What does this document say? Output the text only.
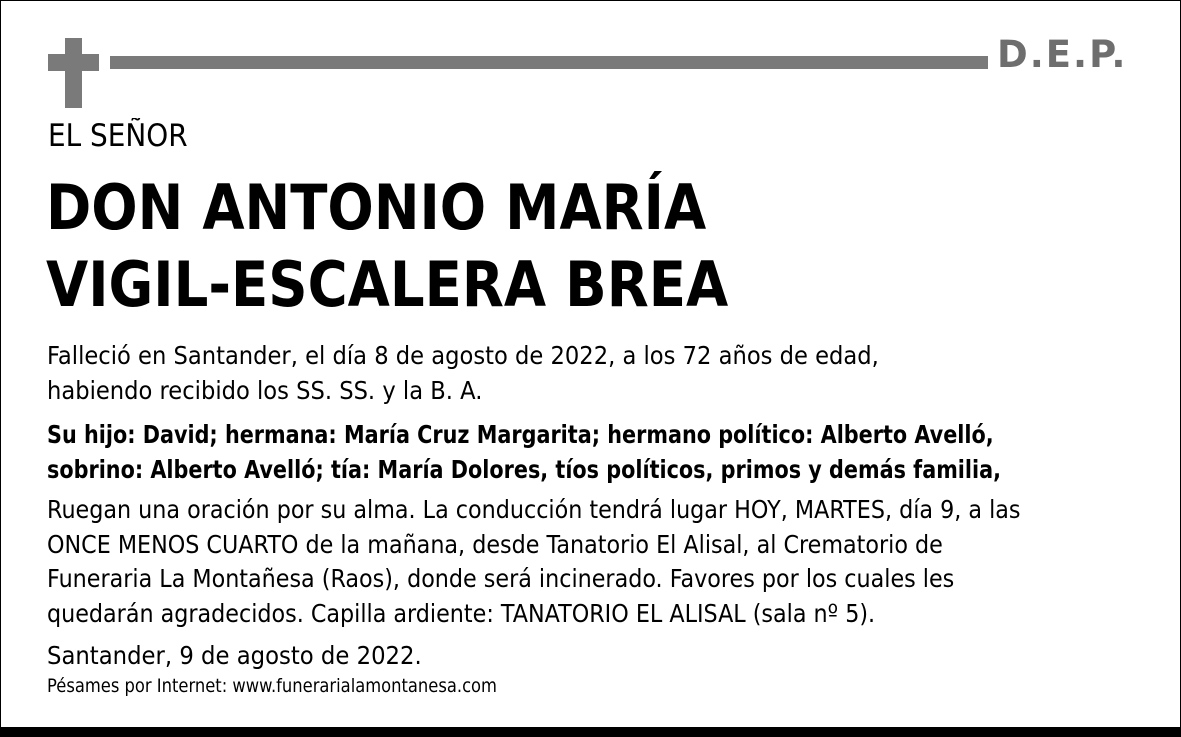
D.E.P.
EL SEÑOR
DON ANTONIO MARÍA
VIGIL-ESCALERA BREA
Falleció en Santander, el día 8 de agosto de 2022, a los 72 años de edad,
habiendo recibido los SS. SS. y la B. A.
Su hijo: David; hermana: María Cruz Margarita; hermano político: Alberto Avelló,
sobrino: Alberto Avelló; tía: María Dolores, tíos políticos, primos y demás familia,
Ruegan una oración por su alma. La conducción tendrá lugar HOY, MARTES, día 9, a las
ONCE MENOS CUARTO de la mañana, desde Tanatorio El Alisal, al Crematorio de
Funeraria La Montañesa (Raos), donde será incinerado. Favores por los cuales les
quedarán agradecidos. Capilla ardiente: TANATORIO EL ALISAL (sala nº 5).
Santander, 9 de agosto de 2022.
Pésames por Internet: www.funerarialamontanesa.com
